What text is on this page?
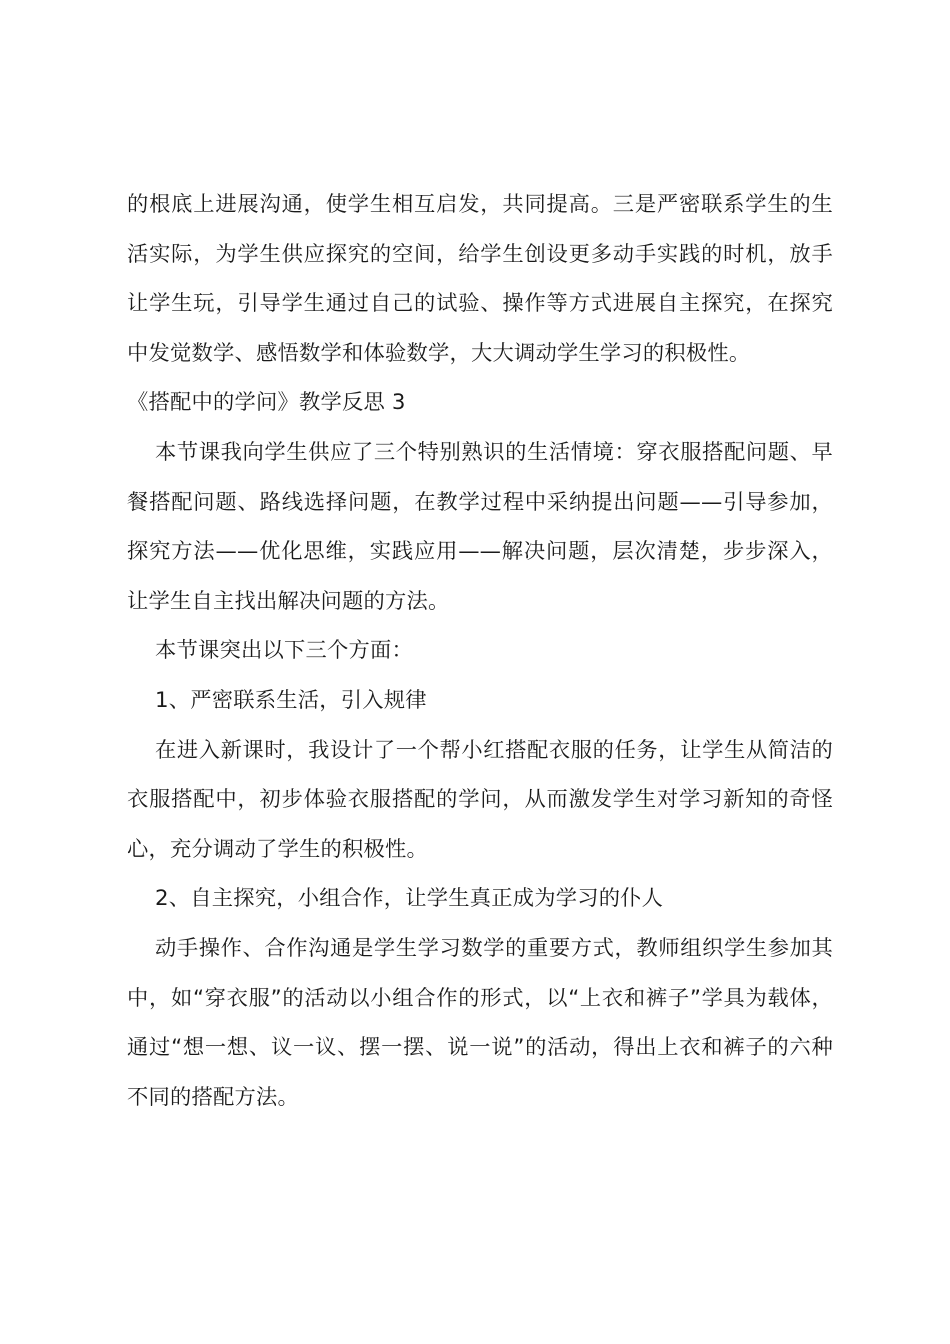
的根底上进展沟通，使学生相互启发，共同提高。三是严密联系学生的生活实际，为学生供应探究的空间，给学生创设更多动手实践的时机，放手让学生玩，引导学生通过自己的试验、操作等方式进展自主探究，在探究中发觉数学、感悟数学和体验数学，大大调动学生学习的积极性。

《搭配中的学问》教学反思 3

本节课我向学生供应了三个特别熟识的生活情境：穿衣服搭配问题、早餐搭配问题、路线选择问题，在教学过程中采纳提出问题——引导参加，探究方法——优化思维，实践应用——解决问题，层次清楚，步步深入，让学生自主找出解决问题的方法。

本节课突出以下三个方面：

1、严密联系生活，引入规律

在进入新课时，我设计了一个帮小红搭配衣服的任务，让学生从简洁的衣服搭配中，初步体验衣服搭配的学问，从而激发学生对学习新知的奇怪心，充分调动了学生的积极性。

2、自主探究，小组合作，让学生真正成为学习的仆人

动手操作、合作沟通是学生学习数学的重要方式，教师组织学生参加其中，如“穿衣服”的活动以小组合作的形式，以“上衣和裤子”学具为载体，通过“想一想、议一议、摆一摆、说一说”的活动，得出上衣和裤子的六种不同的搭配方法。
